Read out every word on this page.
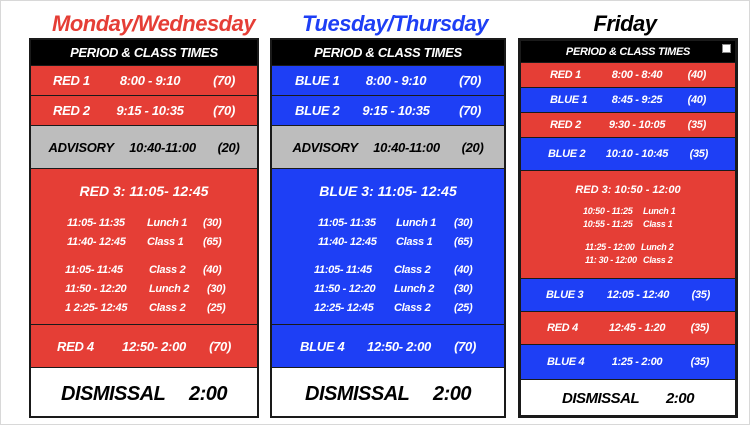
Monday/Wednesday Tuesday/Thursday	Friday
PERIOD & CLASS TIMES
RED 1	8:00 - 9:10	(70)
RED 2	9:15 - 10:35	(70)
ADVISORY	10:40-11:00	(20)
RED 3: 11:05- 12:45
11:05- 11:35 Lunch 1 (30)
11:40- 12:45 Class 1 (65)
11:05- 11:45 Class 2 (40)
11:50 - 12:20 Lunch 2 (30)
1 2:25- 12:45 Class 2 (25)
RED 4	12:50- 2:00	(70)
DISMISSAL	2:00
PERIOD & CLASS TIMES
BLUE 1	8:00 - 9:10	(70)
BLUE 2	9:15 - 10:35	(70)
ADVISORY	10:40-11:00	(20)
BLUE 3: 11:05- 12:45
11:05- 11:35 Lunch 1 (30)
11:40- 12:45 Class 1 (65)
11:05- 11:45 Class 2 (40)
11:50 - 12:20 Lunch 2 (30)
12:25- 12:45 Class 2 (25)
BLUE 4	12:50- 2:00	(70)
DISMISSAL	2:00
PERIOD & CLASS TIMES
RED 1	8:00 - 8:40	(40)
BLUE 1	8:45 - 9:25	(40)
RED 2	9:30 - 10:05	(35)
BLUE 2	10:10 - 10:45	(35)
RED 3: 10:50 - 12:00
10:50 - 11:25 Lunch 1
10:55 - 11:25 Class 1
11:25 - 12:00 Lunch 2
11: 30 - 12:00 Class 2
BLUE 3	12:05 - 12:40	(35)
RED 4	12:45 - 1:20	(35)
BLUE 4	1:25 - 2:00	(35)
DISMISSAL	2:00
